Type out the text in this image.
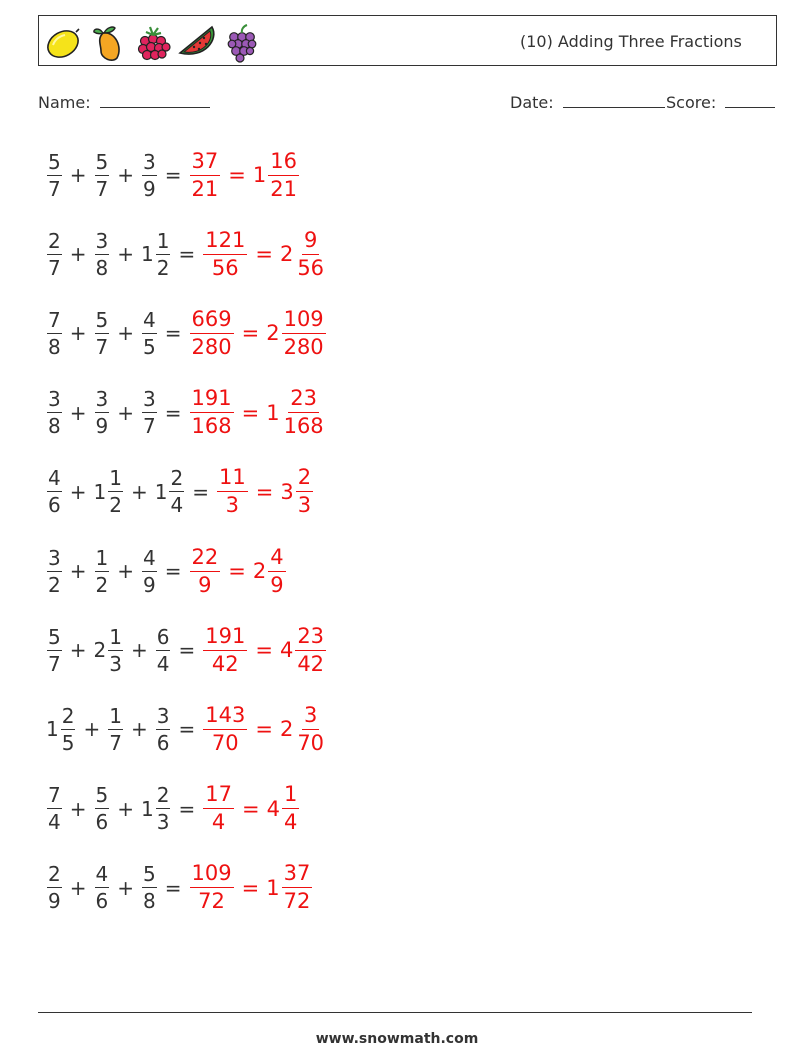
(10) Adding Three Fractions
Name:	Date:	Score:
$\frac{5}{7} + \frac{5}{7} + \frac{3}{9} = \frac{37}{21} = 1 \frac{16}{21}$
$\frac{2}{7} + \frac{3}{8} + 1 \frac{1}{2} = \frac{121}{56} = 2 \frac{9}{56}$
$\frac{7}{8} + \frac{5}{7} + \frac{4}{5} = \frac{669}{280} = 2 \frac{109}{280}$
$\frac{3}{8} + \frac{3}{9} + \frac{3}{7} = \frac{191}{168} = 1 \frac{23}{168}$
$\frac{4}{6} + 1 \frac{1}{2} + 1 \frac{2}{4} = \frac{11}{3} = 3 \frac{2}{3}$
$\frac{3}{2} + \frac{1}{2} + \frac{4}{9} = \frac{22}{9} = 2 \frac{4}{9}$
$\frac{5}{7} + 2 \frac{1}{3} + \frac{6}{4} = \frac{191}{42} = 4 \frac{23}{42}$
$1 \frac{2}{5} + \frac{1}{7} + \frac{3}{6} = \frac{143}{70} = 2 \frac{3}{70}$
$\frac{7}{4} + \frac{5}{6} + 1 \frac{2}{3} = \frac{17}{4} = 4 \frac{1}{4}$
$\frac{2}{9} + \frac{4}{6} + \frac{5}{8} = \frac{109}{72} = 1 \frac{37}{72}$
www.snowmath.com
